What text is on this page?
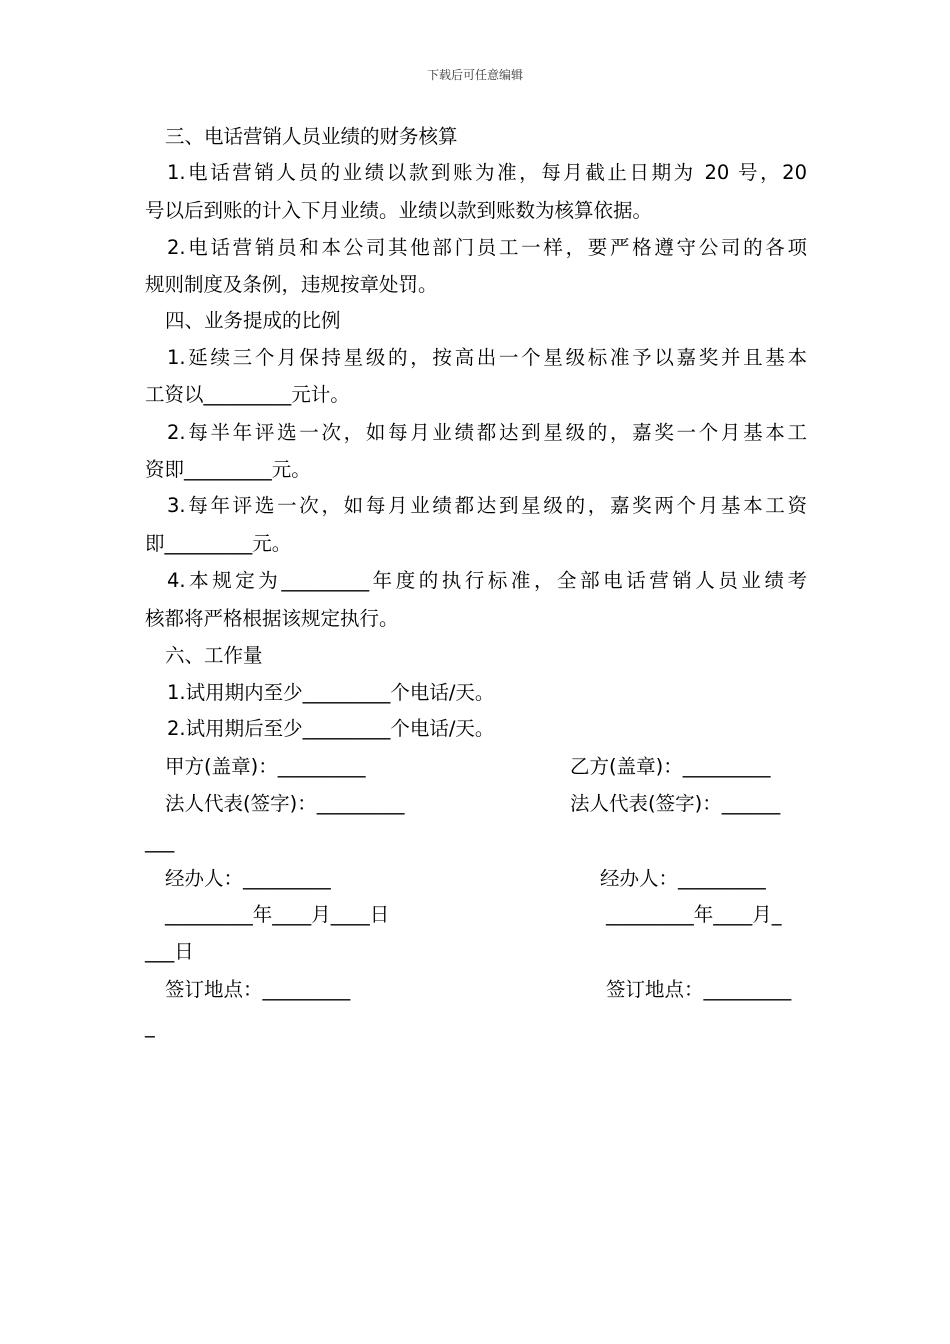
下载后可任意编辑
三、电话营销人员业绩的财务核算
1.电话营销人员的业绩以款到账为准，每月截止日期为 20 号，20
号以后到账的计入下月业绩。业绩以款到账数为核算依据。
2.电话营销员和本公司其他部门员工一样，要严格遵守公司的各项
规则制度及条例，违规按章处罚。
四、业务提成的比例
1.延续三个月保持星级的，按高出一个星级标准予以嘉奖并且基本
工资以_________元计。
2.每半年评选一次，如每月业绩都达到星级的，嘉奖一个月基本工
资即_________元。
3.每年评选一次，如每月业绩都达到星级的，嘉奖两个月基本工资
即_________元。
4.本规定为_________年度的执行标准，全部电话营销人员业绩考
核都将严格根据该规定执行。
六、工作量
1.试用期内至少_________个电话/天。
2.试用期后至少_________个电话/天。
甲方(盖章)：_________	乙方(盖章)：_________
法人代表(签字)：_________	法人代表(签字)：______
___
经办人：_________	经办人：_________
_________年____月____日	_________年____月_
___日
签订地点：_________	签订地点：_________
_
